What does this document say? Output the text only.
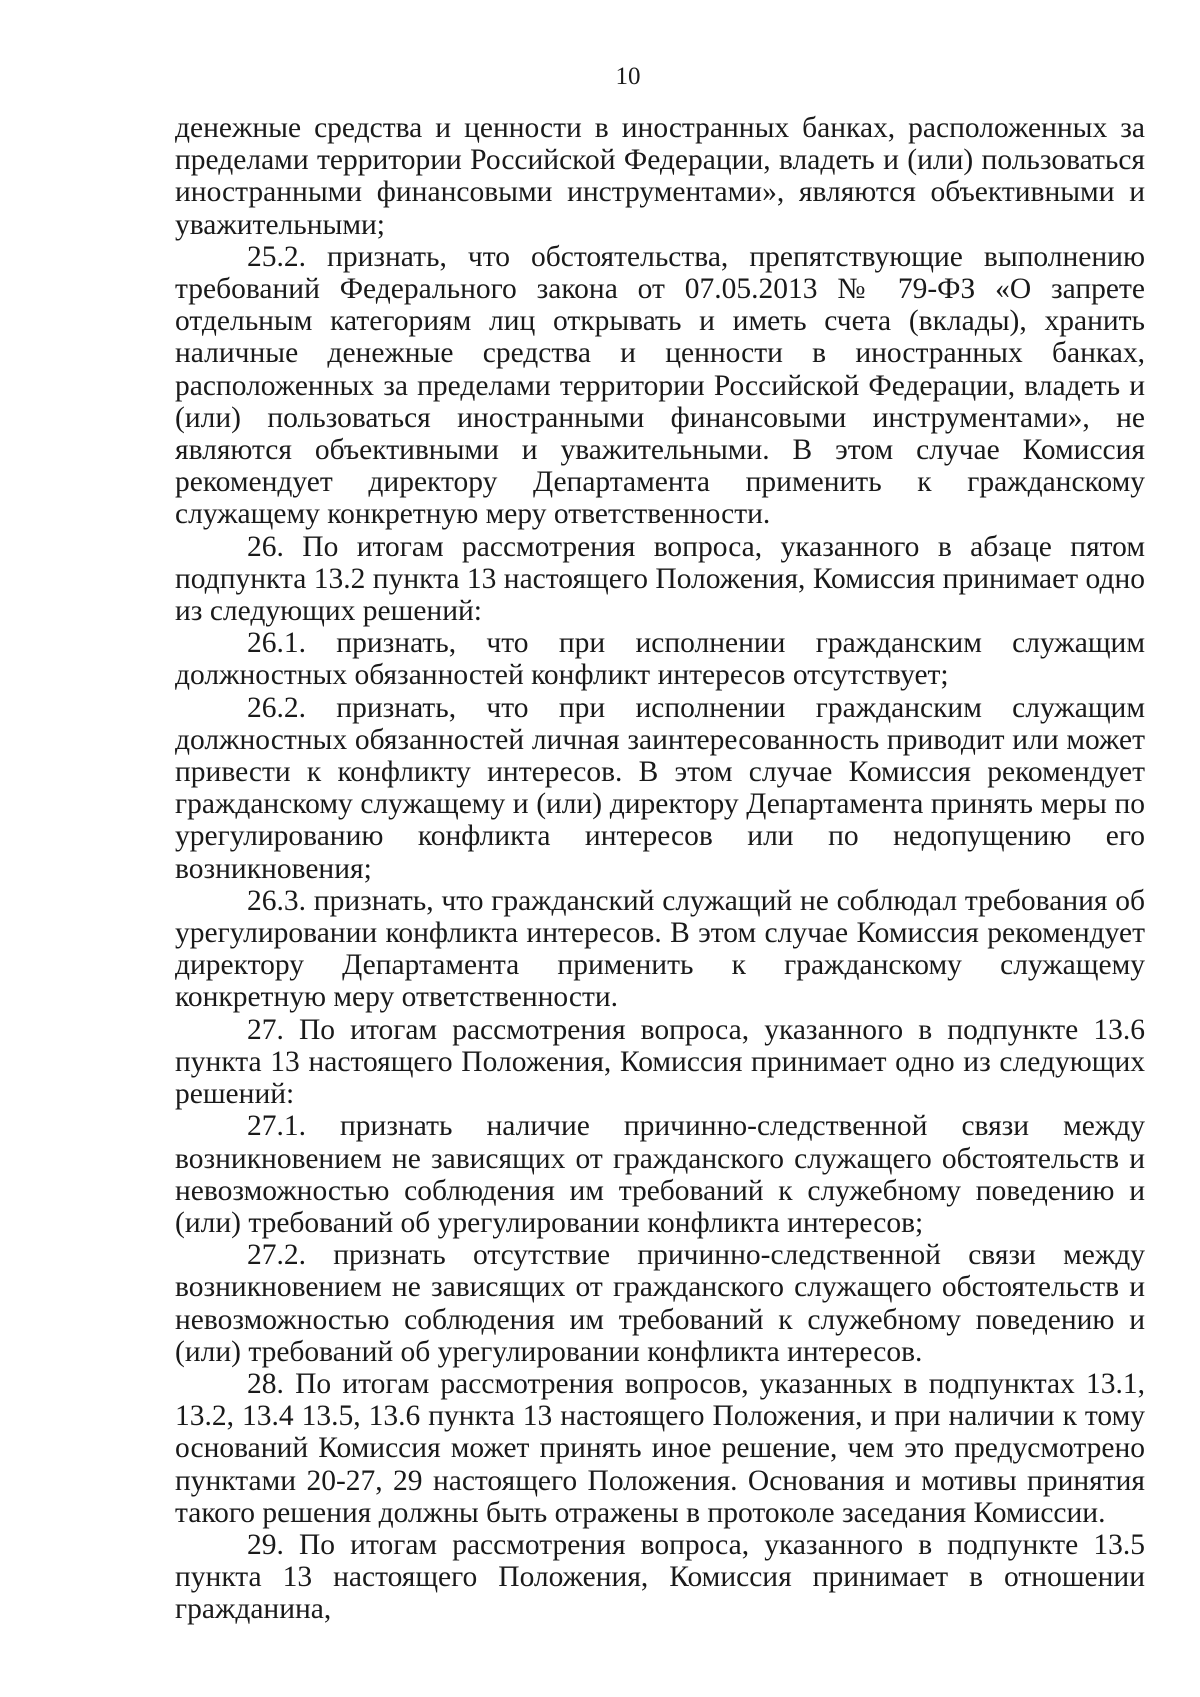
10

денежные средства и ценности в иностранных банках, расположенных за пределами территории Российской Федерации, владеть и (или) пользоваться иностранными финансовыми инструментами», являются объективными и уважительными;

25.2. признать, что обстоятельства, препятствующие выполнению требований Федерального закона от 07.05.2013 № 79-ФЗ «О запрете отдельным категориям лиц открывать и иметь счета (вклады), хранить наличные денежные средства и ценности в иностранных банках, расположенных за пределами территории Российской Федерации, владеть и (или) пользоваться иностранными финансовыми инструментами», не являются объективными и уважительными. В этом случае Комиссия рекомендует директору Департамента применить к гражданскому служащему конкретную меру ответственности.

26. По итогам рассмотрения вопроса, указанного в абзаце пятом подпункта 13.2 пункта 13 настоящего Положения, Комиссия принимает одно из следующих решений:

26.1. признать, что при исполнении гражданским служащим должностных обязанностей конфликт интересов отсутствует;

26.2. признать, что при исполнении гражданским служащим должностных обязанностей личная заинтересованность приводит или может привести к конфликту интересов. В этом случае Комиссия рекомендует гражданскому служащему и (или) директору Департамента принять меры по урегулированию конфликта интересов или по недопущению его возникновения;

26.3. признать, что гражданский служащий не соблюдал требования об урегулировании конфликта интересов. В этом случае Комиссия рекомендует директору Департамента применить к гражданскому служащему конкретную меру ответственности.

27. По итогам рассмотрения вопроса, указанного в подпункте 13.6 пункта 13 настоящего Положения, Комиссия принимает одно из следующих решений:

27.1. признать наличие причинно-следственной связи между возникновением не зависящих от гражданского служащего обстоятельств и невозможностью соблюдения им требований к служебному поведению и (или) требований об урегулировании конфликта интересов;

27.2. признать отсутствие причинно-следственной связи между возникновением не зависящих от гражданского служащего обстоятельств и невозможностью соблюдения им требований к служебному поведению и (или) требований об урегулировании конфликта интересов.

28. По итогам рассмотрения вопросов, указанных в подпунктах 13.1, 13.2, 13.4 13.5, 13.6 пункта 13 настоящего Положения, и при наличии к тому оснований Комиссия может принять иное решение, чем это предусмотрено пунктами 20-27, 29 настоящего Положения. Основания и мотивы принятия такого решения должны быть отражены в протоколе заседания Комиссии.

29. По итогам рассмотрения вопроса, указанного в подпункте 13.5 пункта 13 настоящего Положения, Комиссия принимает в отношении гражданина,
